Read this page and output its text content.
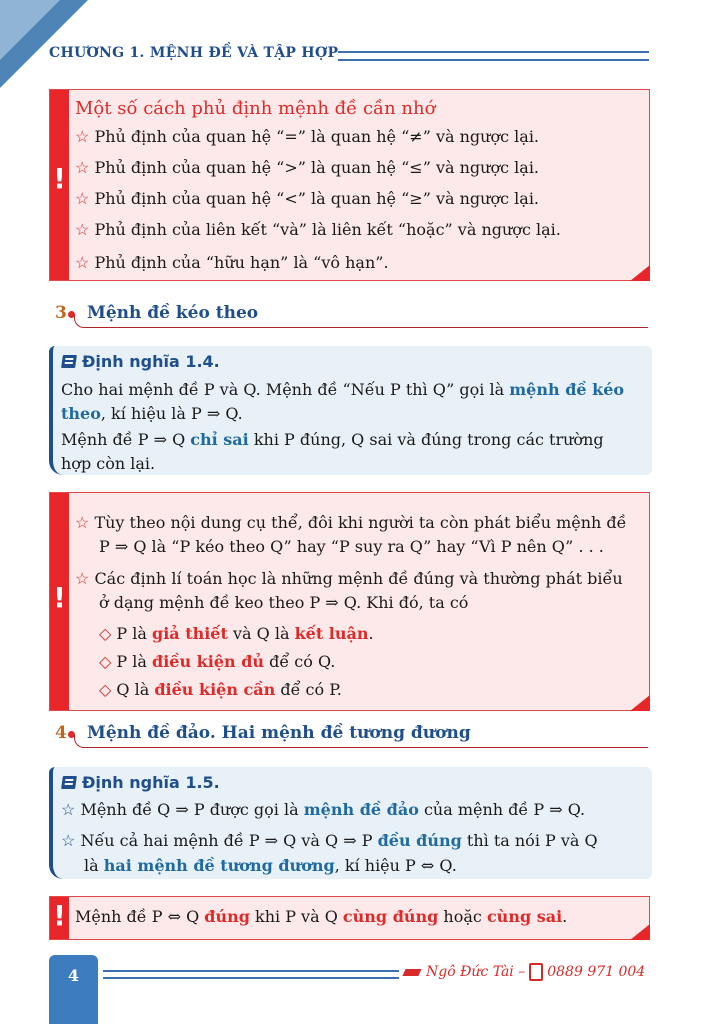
CHƯƠNG 1. MỆNH ĐỀ VÀ TẬP HỢP
!
Một số cách phủ định mệnh đề cần nhớ
☆ Phủ định của quan hệ “=” là quan hệ “≠” và ngược lại.
☆ Phủ định của quan hệ “>” là quan hệ “≤” và ngược lại.
☆ Phủ định của quan hệ “<” là quan hệ “≥” và ngược lại.
☆ Phủ định của liên kết “và” là liên kết “hoặc” và ngược lại.
☆ Phủ định của “hữu hạn” là “vô hạn”.
3 Mệnh đề kéo theo
Định nghĩa 1.4.
Cho hai mệnh đề P và Q. Mệnh đề “Nếu P thì Q” gọi là mệnh đề kéo
theo, kí hiệu là P ⇒ Q.
Mệnh đề P ⇒ Q chỉ sai khi P đúng, Q sai và đúng trong các trường
hợp còn lại.
!
☆ Tùy theo nội dung cụ thể, đôi khi người ta còn phát biểu mệnh đề
P ⇒ Q là “P kéo theo Q” hay “P suy ra Q” hay “Vì P nên Q” . . .
☆ Các định lí toán học là những mệnh đề đúng và thường phát biểu
ở dạng mệnh đề keo theo P ⇒ Q. Khi đó, ta có
◇ P là giả thiết và Q là kết luận.
◇ P là điều kiện đủ để có Q.
◇ Q là điều kiện cần để có P.
4 Mệnh đề đảo. Hai mệnh đề tương đương
Định nghĩa 1.5.
☆ Mệnh đề Q ⇒ P được gọi là mệnh đề đảo của mệnh đề P ⇒ Q.
☆ Nếu cả hai mệnh đề P ⇒ Q và Q ⇒ P đều đúng thì ta nói P và Q
là hai mệnh đề tương đương, kí hiệu P ⇔ Q.
! Mệnh đề P ⇔ Q đúng khi P và Q cùng đúng hoặc cùng sai.
4	Ngô Đức Tài – 0889 971 004
